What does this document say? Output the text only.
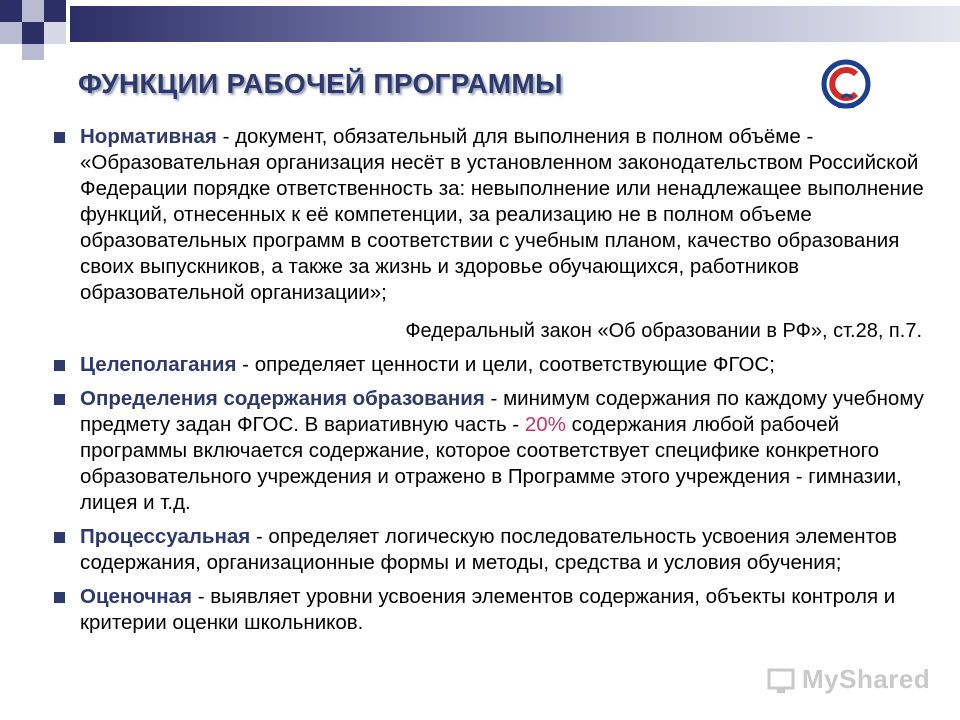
ФУНКЦИИ РАБОЧЕЙ ПРОГРАММЫ
Нормативная - документ, обязательный для выполнения в полном объёме - «Образовательная организация несёт в установленном законодательством Российской Федерации порядке ответственность за: невыполнение или ненадлежащее выполнение функций, отнесенных к её компетенции, за реализацию не в полном объеме образовательных программ в соответствии с учебным планом, качество образования своих выпускников, а также за жизнь и здоровье обучающихся, работников образовательной организации»;
Федеральный закон «Об образовании в РФ», ст.28, п.7.
Целеполагания - определяет ценности и цели, соответствующие ФГОС;
Определения содержания образования - минимум содержания по каждому учебному предмету задан ФГОС. В вариативную часть - 20% содержания любой рабочей программы включается содержание, которое соответствует специфике конкретного образовательного учреждения и отражено в Программе этого учреждения - гимназии, лицея и т.д.
Процессуальная - определяет логическую последовательность усвоения элементов содержания, организационные формы и методы, средства и условия обучения;
Оценочная - выявляет уровни усвоения элементов содержания, объекты контроля и критерии оценки школьников.
MyShared
